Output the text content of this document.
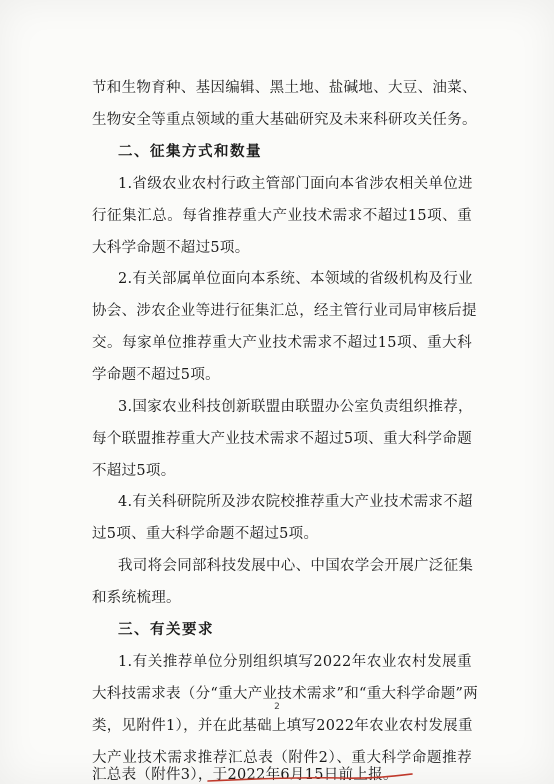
节和生物育种、基因编辑、黑土地、盐碱地、大豆、油菜、
生物安全等重点领域的重大基础研究及未来科研攻关任务。
二、征集方式和数量
1.省级农业农村行政主管部门面向本省涉农相关单位进
行征集汇总。每省推荐重大产业技术需求不超过15项、重
大科学命题不超过5项。
2.有关部属单位面向本系统、本领域的省级机构及行业
协会、涉农企业等进行征集汇总，经主管行业司局审核后提
交。每家单位推荐重大产业技术需求不超过15项、重大科
学命题不超过5项。
3.国家农业科技创新联盟由联盟办公室负责组织推荐，
每个联盟推荐重大产业技术需求不超过5项、重大科学命题
不超过5项。
4.有关科研院所及涉农院校推荐重大产业技术需求不超
过5项、重大科学命题不超过5项。
我司将会同部科技发展中心、中国农学会开展广泛征集
和系统梳理。
三、有关要求
1.有关推荐单位分别组织填写2022年农业农村发展重
大科技需求表（分“重大产业技术需求”和“重大科学命题”两
类，见附件1），并在此基础上填写2022年农业农村发展重
大产业技术需求推荐汇总表（附件2）、重大科学命题推荐
2
汇总表（附件3），于2022年6月15日前上报。
